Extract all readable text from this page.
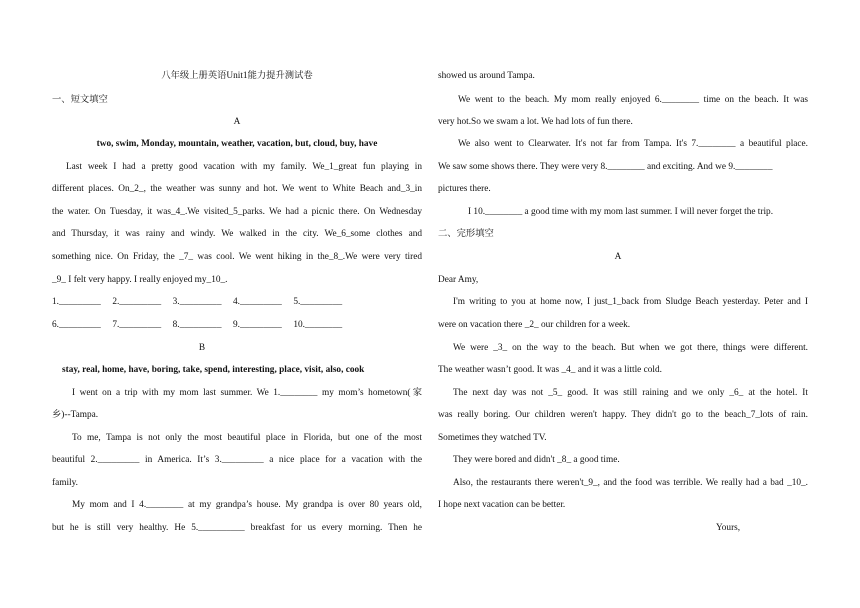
八年级上册英语Unit1能力提升测试卷
一、短文填空
A
two, swim, Monday, mountain, weather, vacation, but, cloud, buy, have
Last week I had a pretty good vacation with my family. We_1_great fun playing in
different places. On_2_, the weather was sunny and hot. We went to White Beach and_3_in
the water. On Tuesday, it was_4_.We visited_5_parks. We had a picnic there. On Wednesday
and Thursday, it was rainy and windy. We walked in the city. We_6_some clothes and
something nice. On Friday, the _7_ was cool. We went hiking in the_8_.We were very tired
_9_ I felt very happy. I really enjoyed my_10_.
1._________ 2._________ 3._________ 4._________ 5._________
6._________ 7._________ 8._________ 9._________ 10.________
B
stay, real, home, have, boring, take, spend, interesting, place, visit, also, cook
I went on a trip with my mom last summer. We 1.________ my mom’s hometown(家
乡)--Tampa.
To me, Tampa is not only the most beautiful place in Florida, but one of the most
beautiful 2._________ in America. It’s 3._________ a nice place for a vacation with the
family.
My mom and I 4.________ at my grandpa’s house. My grandpa is over 80 years old,
but he is still very healthy. He 5.__________ breakfast for us every morning. Then he
showed us around Tampa.
We went to the beach. My mom really enjoyed 6.________ time on the beach. It was
very hot.So we swam a lot. We had lots of fun there.
We also went to Clearwater. It's not far from Tampa. It's 7.________ a beautiful place.
We saw some shows there. They were very 8.________ and exciting. And we 9.________
pictures there.
I 10.________ a good time with my mom last summer. I will never forget the trip.
二、完形填空
A
Dear Amy,
I'm writing to you at home now, I just_1_back from Sludge Beach yesterday. Peter and I
were on vacation there _2_ our children for a week.
We were _3_ on the way to the beach. But when we got there, things were different.
The weather wasn’t good. It was _4_ and it was a little cold.
The next day was not _5_ good. It was still raining and we only _6_ at the hotel. It
was really boring. Our children weren't happy. They didn't go to the beach_7_lots of rain.
Sometimes they watched TV.
They were bored and didn't _8_ a good time.
Also, the restaurants there weren't_9_, and the food was terrible. We really had a bad _10_.
I hope next vacation can be better.
Yours,
